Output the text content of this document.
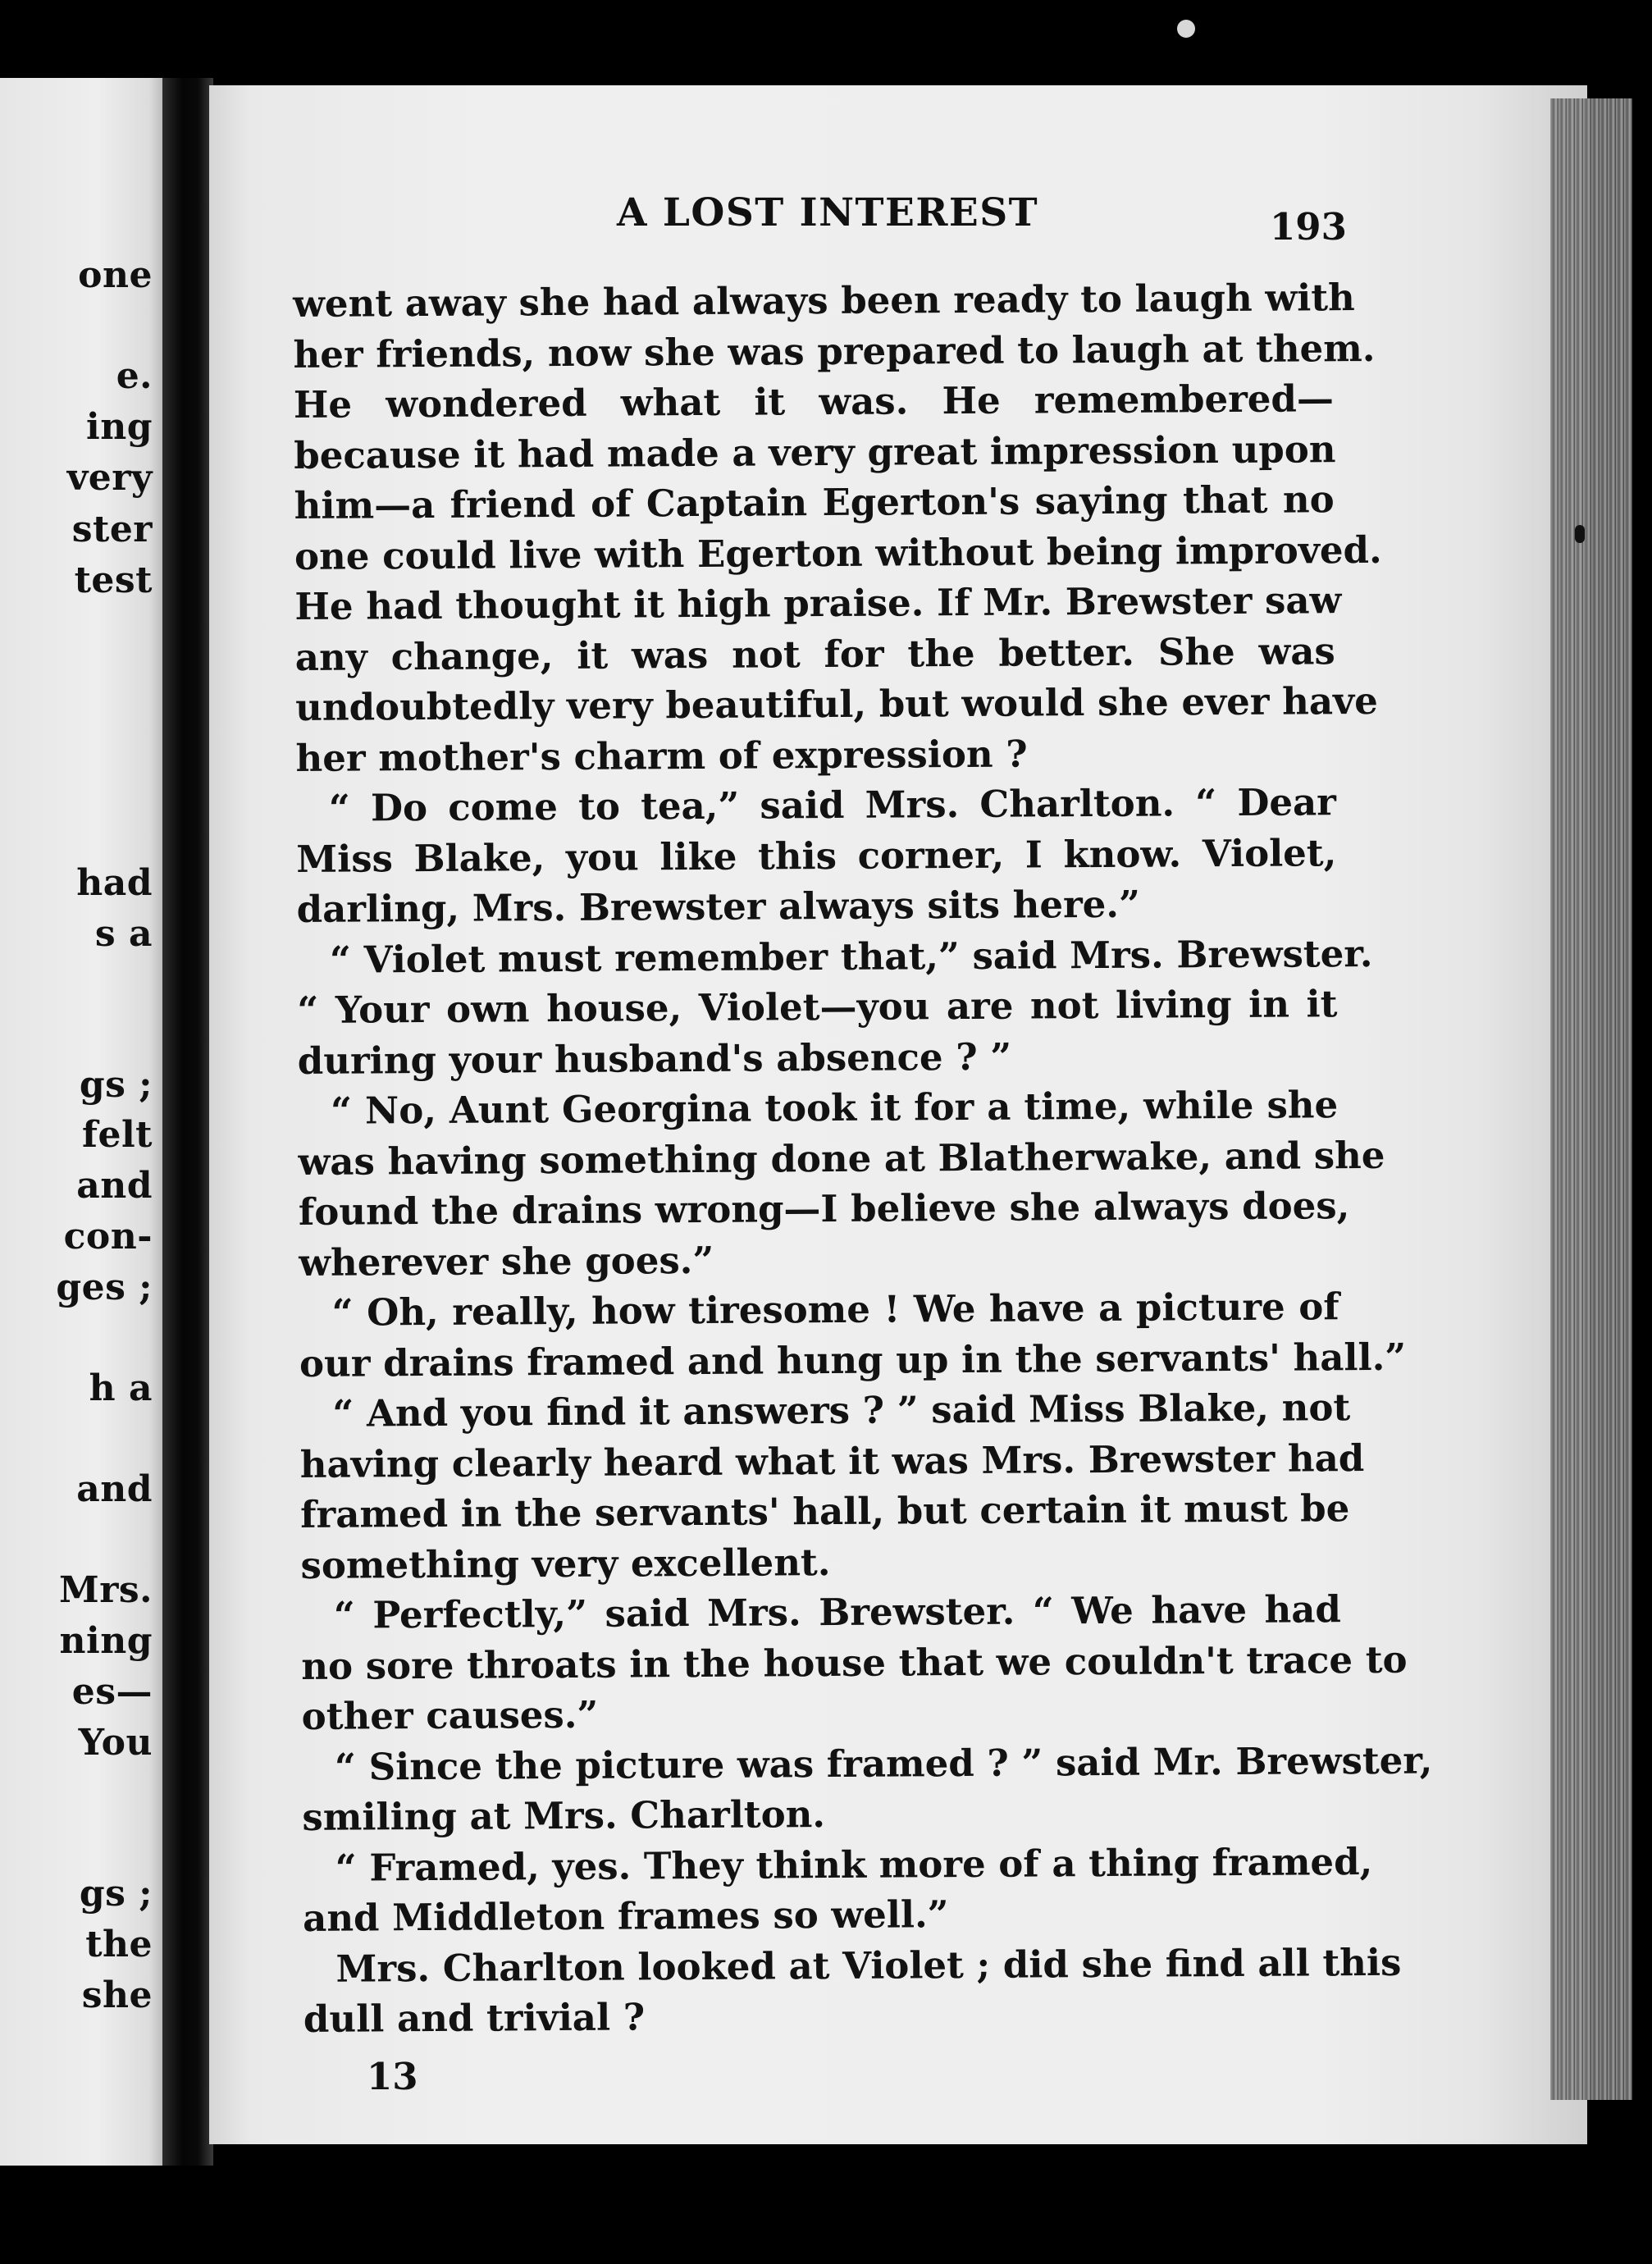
one
e.
ing
very
ster
test
had
s a
gs ;
felt
and
con-
ges ;
h a
and
Mrs.
ning
es—
You
gs ;
the
she
A LOST INTEREST	193
went away she had always been ready to laugh with
her friends, now she was prepared to laugh at them.
He wondered what it was. He remembered—
because it had made a very great impression upon
him—a friend of Captain Egerton's saying that no
one could live with Egerton without being improved.
He had thought it high praise. If Mr. Brewster saw
any change, it was not for the better. She was
undoubtedly very beautiful, but would she ever have
her mother's charm of expression ?
“ Do come to tea,” said Mrs. Charlton. “ Dear
Miss Blake, you like this corner, I know. Violet,
darling, Mrs. Brewster always sits here.”
“ Violet must remember that,” said Mrs. Brewster.
“ Your own house, Violet—you are not living in it
during your husband's absence ? ”
“ No, Aunt Georgina took it for a time, while she
was having something done at Blatherwake, and she
found the drains wrong—I believe she always does,
wherever she goes.”
“ Oh, really, how tiresome ! We have a picture of
our drains framed and hung up in the servants' hall.”
“ And you find it answers ? ” said Miss Blake, not
having clearly heard what it was Mrs. Brewster had
framed in the servants' hall, but certain it must be
something very excellent.
“ Perfectly,” said Mrs. Brewster. “ We have had
no sore throats in the house that we couldn't trace to
other causes.”
“ Since the picture was framed ? ” said Mr. Brewster,
smiling at Mrs. Charlton.
“ Framed, yes. They think more of a thing framed,
and Middleton frames so well.”
Mrs. Charlton looked at Violet ; did she find all this
dull and trivial ?
13
